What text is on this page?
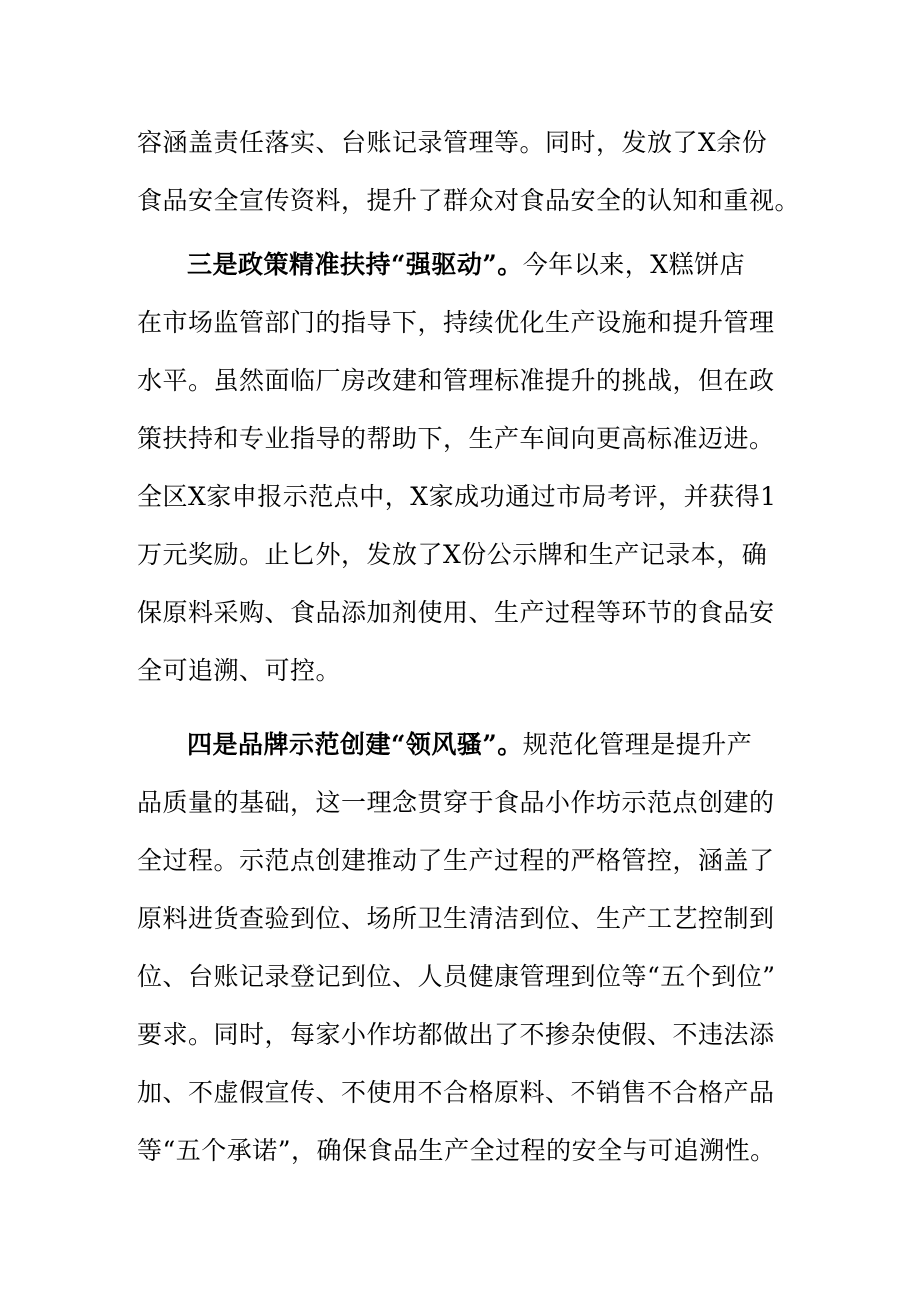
容涵盖责任落实、台账记录管理等。同时，发放了X余份
食品安全宣传资料，提升了群众对食品安全的认知和重视。
三是政策精准扶持“强驱动”。今年以来，X糕饼店
在市场监管部门的指导下，持续优化生产设施和提升管理
水平。虽然面临厂房改建和管理标准提升的挑战，但在政
策扶持和专业指导的帮助下，生产车间向更高标准迈进。
全区X家申报示范点中，X家成功通过市局考评，并获得1
万元奖励。止匕外，发放了X份公示牌和生产记录本，确
保原料采购、食品添加剂使用、生产过程等环节的食品安
全可追溯、可控。
四是品牌示范创建“领风骚”。规范化管理是提升产
品质量的基础，这一理念贯穿于食品小作坊示范点创建的
全过程。示范点创建推动了生产过程的严格管控，涵盖了
原料进货查验到位、场所卫生清洁到位、生产工艺控制到
位、台账记录登记到位、人员健康管理到位等“五个到位”
要求。同时，每家小作坊都做出了不掺杂使假、不违法添
加、不虚假宣传、不使用不合格原料、不销售不合格产品
等“五个承诺”，确保食品生产全过程的安全与可追溯性。
